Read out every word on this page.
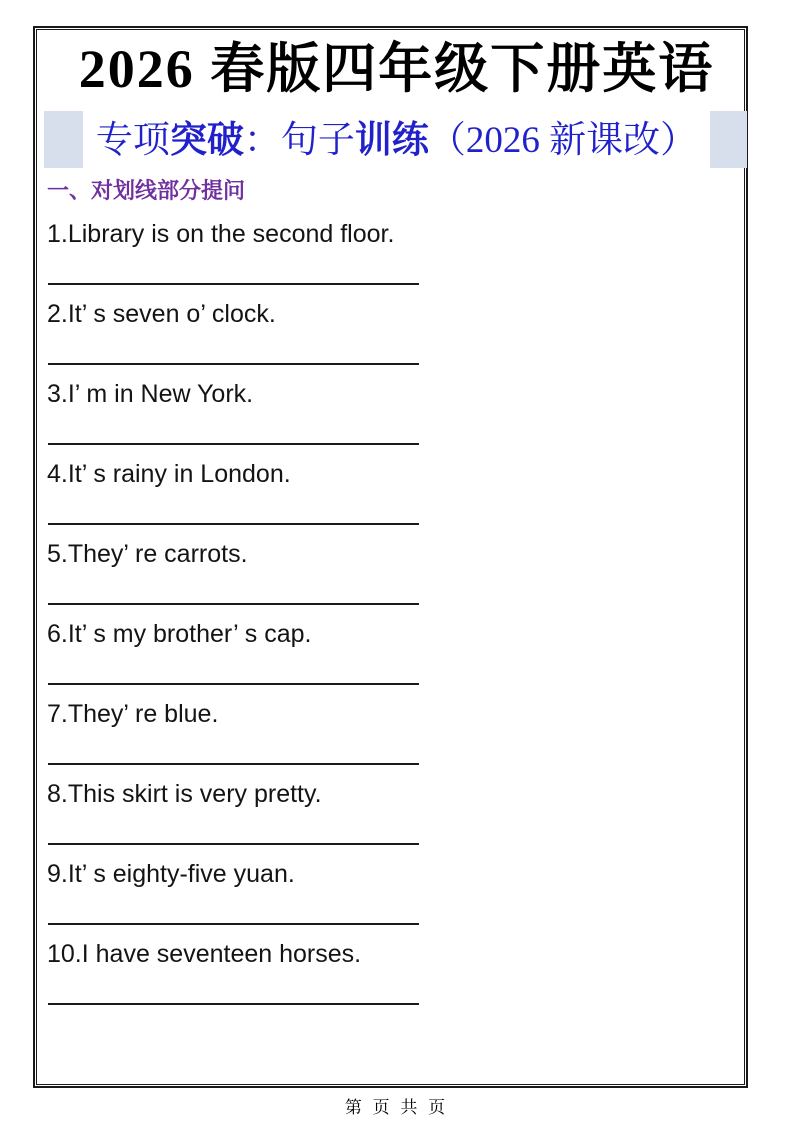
2026 春版四年级下册英语
专项突破：句子训练（2026 新课改）
一、对划线部分提问
1.Library is on the second floor.
2.It’ s seven o’ clock.
3.I’ m in New York.
4.It’ s rainy in London.
5.They’ re carrots.
6.It’ s my brother’ s cap.
7.They’ re blue.
8.This skirt is very pretty.
9.It’ s eighty-five yuan.
10.I have seventeen horses.
第 页 共 页
